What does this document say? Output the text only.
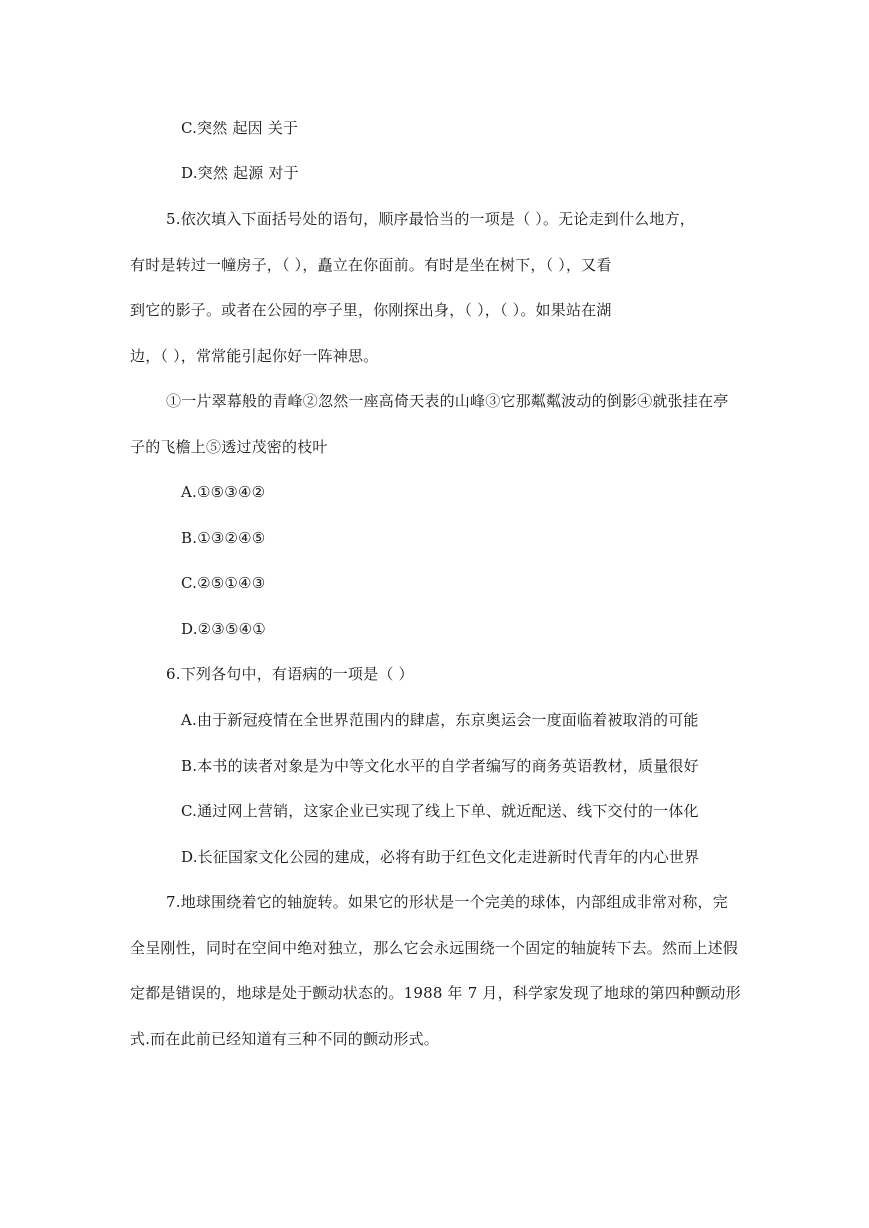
C.突然 起因 关于
D.突然 起源 对于
5.依次填入下面括号处的语句，顺序最恰当的一项是（ ）。无论走到什么地方，
有时是转过一幢房子，（ ），矗立在你面前。有时是坐在树下，（ ），又看
到它的影子。或者在公园的亭子里，你刚探出身，（ ），（ ）。如果站在湖
边，（ ），常常能引起你好一阵神思。
①一片翠幕般的青峰②忽然一座高倚天表的山峰③它那粼粼波动的倒影④就张挂在亭
子的飞檐上⑤透过茂密的枝叶
A.①⑤③④②
B.①③②④⑤
C.②⑤①④③
D.②③⑤④①
6.下列各句中，有语病的一项是（ ）
A.由于新冠疫情在全世界范围内的肆虐，东京奥运会一度面临着被取消的可能
B.本书的读者对象是为中等文化水平的自学者编写的商务英语教材，质量很好
C.通过网上营销，这家企业已实现了线上下单、就近配送、线下交付的一体化
D.长征国家文化公园的建成，必将有助于红色文化走进新时代青年的内心世界
7.地球围绕着它的轴旋转。如果它的形状是一个完美的球体，内部组成非常对称，完
全呈刚性，同时在空间中绝对独立，那么它会永远围绕一个固定的轴旋转下去。然而上述假
定都是错误的，地球是处于颤动状态的。1988 年 7 月，科学家发现了地球的第四种颤动形
式.而在此前已经知道有三种不同的颤动形式。
